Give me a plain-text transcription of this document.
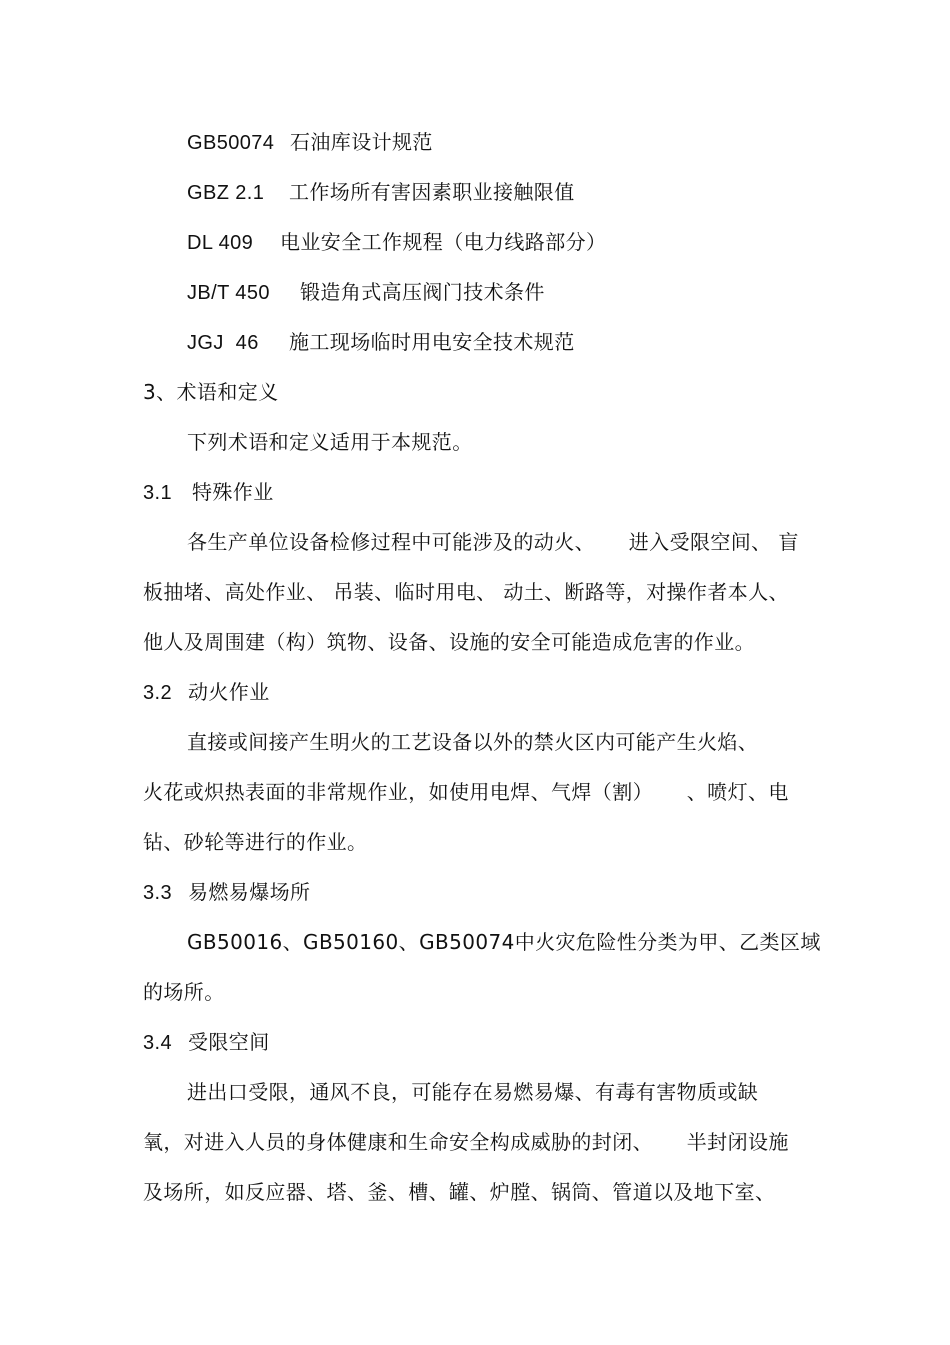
GB50074 石油库设计规范
GBZ 2.1 工作场所有害因素职业接触限值
DL 409 电业安全工作规程（电力线路部分）
JB/T 450 锻造角式高压阀门技术条件
JGJ  46 施工现场临时用电安全技术规范
3、术语和定义
下列术语和定义适用于本规范。
3.1 特殊作业
各生产单位设备检修过程中可能涉及的动火、     进入受限空间、 盲
板抽堵、高处作业、 吊装、临时用电、 动土、断路等，对操作者本人、
他人及周围建（构）筑物、设备、设施的安全可能造成危害的作业。
3.2 动火作业
直接或间接产生明火的工艺设备以外的禁火区内可能产生火焰、
火花或炽热表面的非常规作业，如使用电焊、气焊（割）     、喷灯、电
钻、砂轮等进行的作业。
3.3 易燃易爆场所
GB50016、GB50160、GB50074中火灾危险性分类为甲、乙类区域
的场所。
3.4 受限空间
进出口受限，通风不良，可能存在易燃易爆、有毒有害物质或缺
氧，对进入人员的身体健康和生命安全构成威胁的封闭、     半封闭设施
及场所，如反应器、塔、釜、槽、罐、炉膛、锅筒、管道以及地下室、
